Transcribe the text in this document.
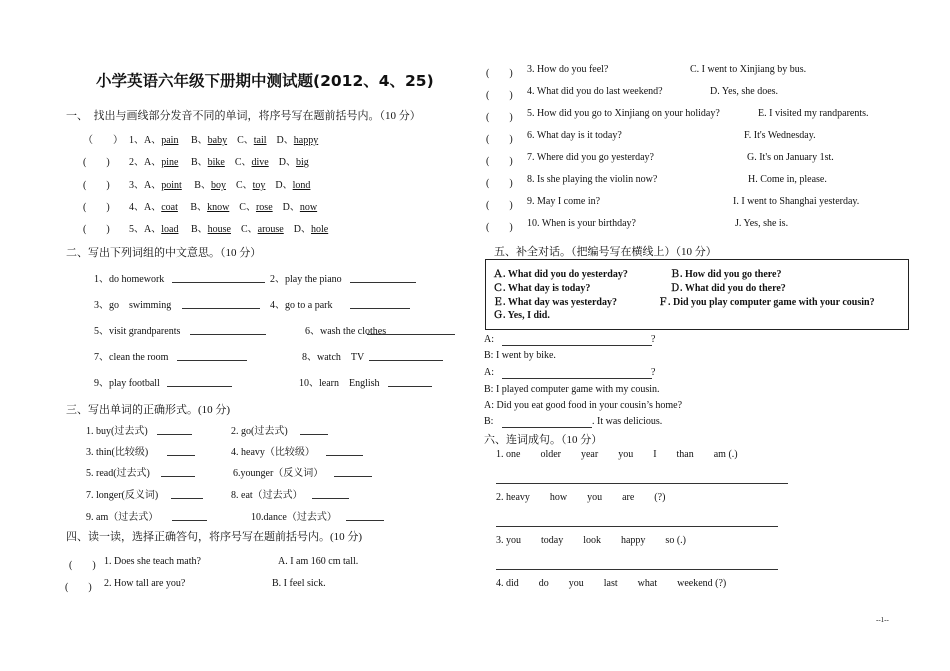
小学英语六年级下册期中测试题(2012、4、25)
一、　找出与画线部分发音不同的单词，将序号写在题前括号内。（10 分）
（　　） 1、A、pain　 B、baby　 C、tail　 D、happy
(　　) 2、A、pine　 B、bike　 C、dive　 D、big
(　　) 3、A、point　 B、boy　 C、toy　 D、lond
(　　) 4、A、coat　 B、know　 C、rose　 D、now
(　　) 5、A、load　 B、house　 C、arouse　 D、hole
二、写出下列词组的中文意思。（10 分）
1、do homework	2、play the piano
3、go　swimming	4、go to a park
5、visit grandparents	6、wash the clothes
7、clean the room	8、watch　TV
9、play football	10、learn　English
三、写出单词的正确形式。(10 分)
1. buy(过去式)	2. go(过去式)
3. thin(比较级)	4. heavy（比较级）
5. read(过去式)	6.younger（反义词）
7. longer(反义词)	8. eat（过去式）
9. am（过去式）	10.dance（过去式）
四、读一读，选择正确答句，将序号写在题前括号内。(10 分)
(　　) 1. Does she teach math?	A. I am 160 cm tall.
(　　) 2. How tall are you?	B. I feel sick.
(　　) 3. How do you feel?	C. I went to Xinjiang by bus.
(　　) 4. What did you do last weekend?	D. Yes, she does.
(　　) 5. How did you go to Xinjiang on your holiday?	E. I visited my randparents.
(　　) 6. What day is it today?	F. It's Wednesday.
(　　) 7. Where did you go yesterday?	G. It's on January 1st.
(　　) 8. Is she playing the violin now?	H. Come in, please.
(　　) 9. May I come in?	I. I went to Shanghai yesterday.
(　　) 10. When is your birthday?	J. Yes, she is.
五、补全对话。（把编号写在横线上）（10 分）
Ａ. What did you do yesterday?	Ｂ. How did you go there?
Ｃ. What day is today?	Ｄ. What did you do there?
Ｅ. What day was yesterday?	Ｆ. Did you play computer game with your cousin?
Ｇ. Yes, I did.
A:	?
B: I went by bike.
A:	?
B: I played computer game with my cousin.
A: Did you eat good food in your cousin’s home?
B:	. It was delicious.
六、连词成句。（10 分）
1. one　　older　　year　　you　　I　　than　　am (.)
2. heavy　　how　　you　　are　　(?)
3. you　　today　　look　　happy　　so (.)
4. did　　do　　you　　last　　what　　weekend (?)
--1--
